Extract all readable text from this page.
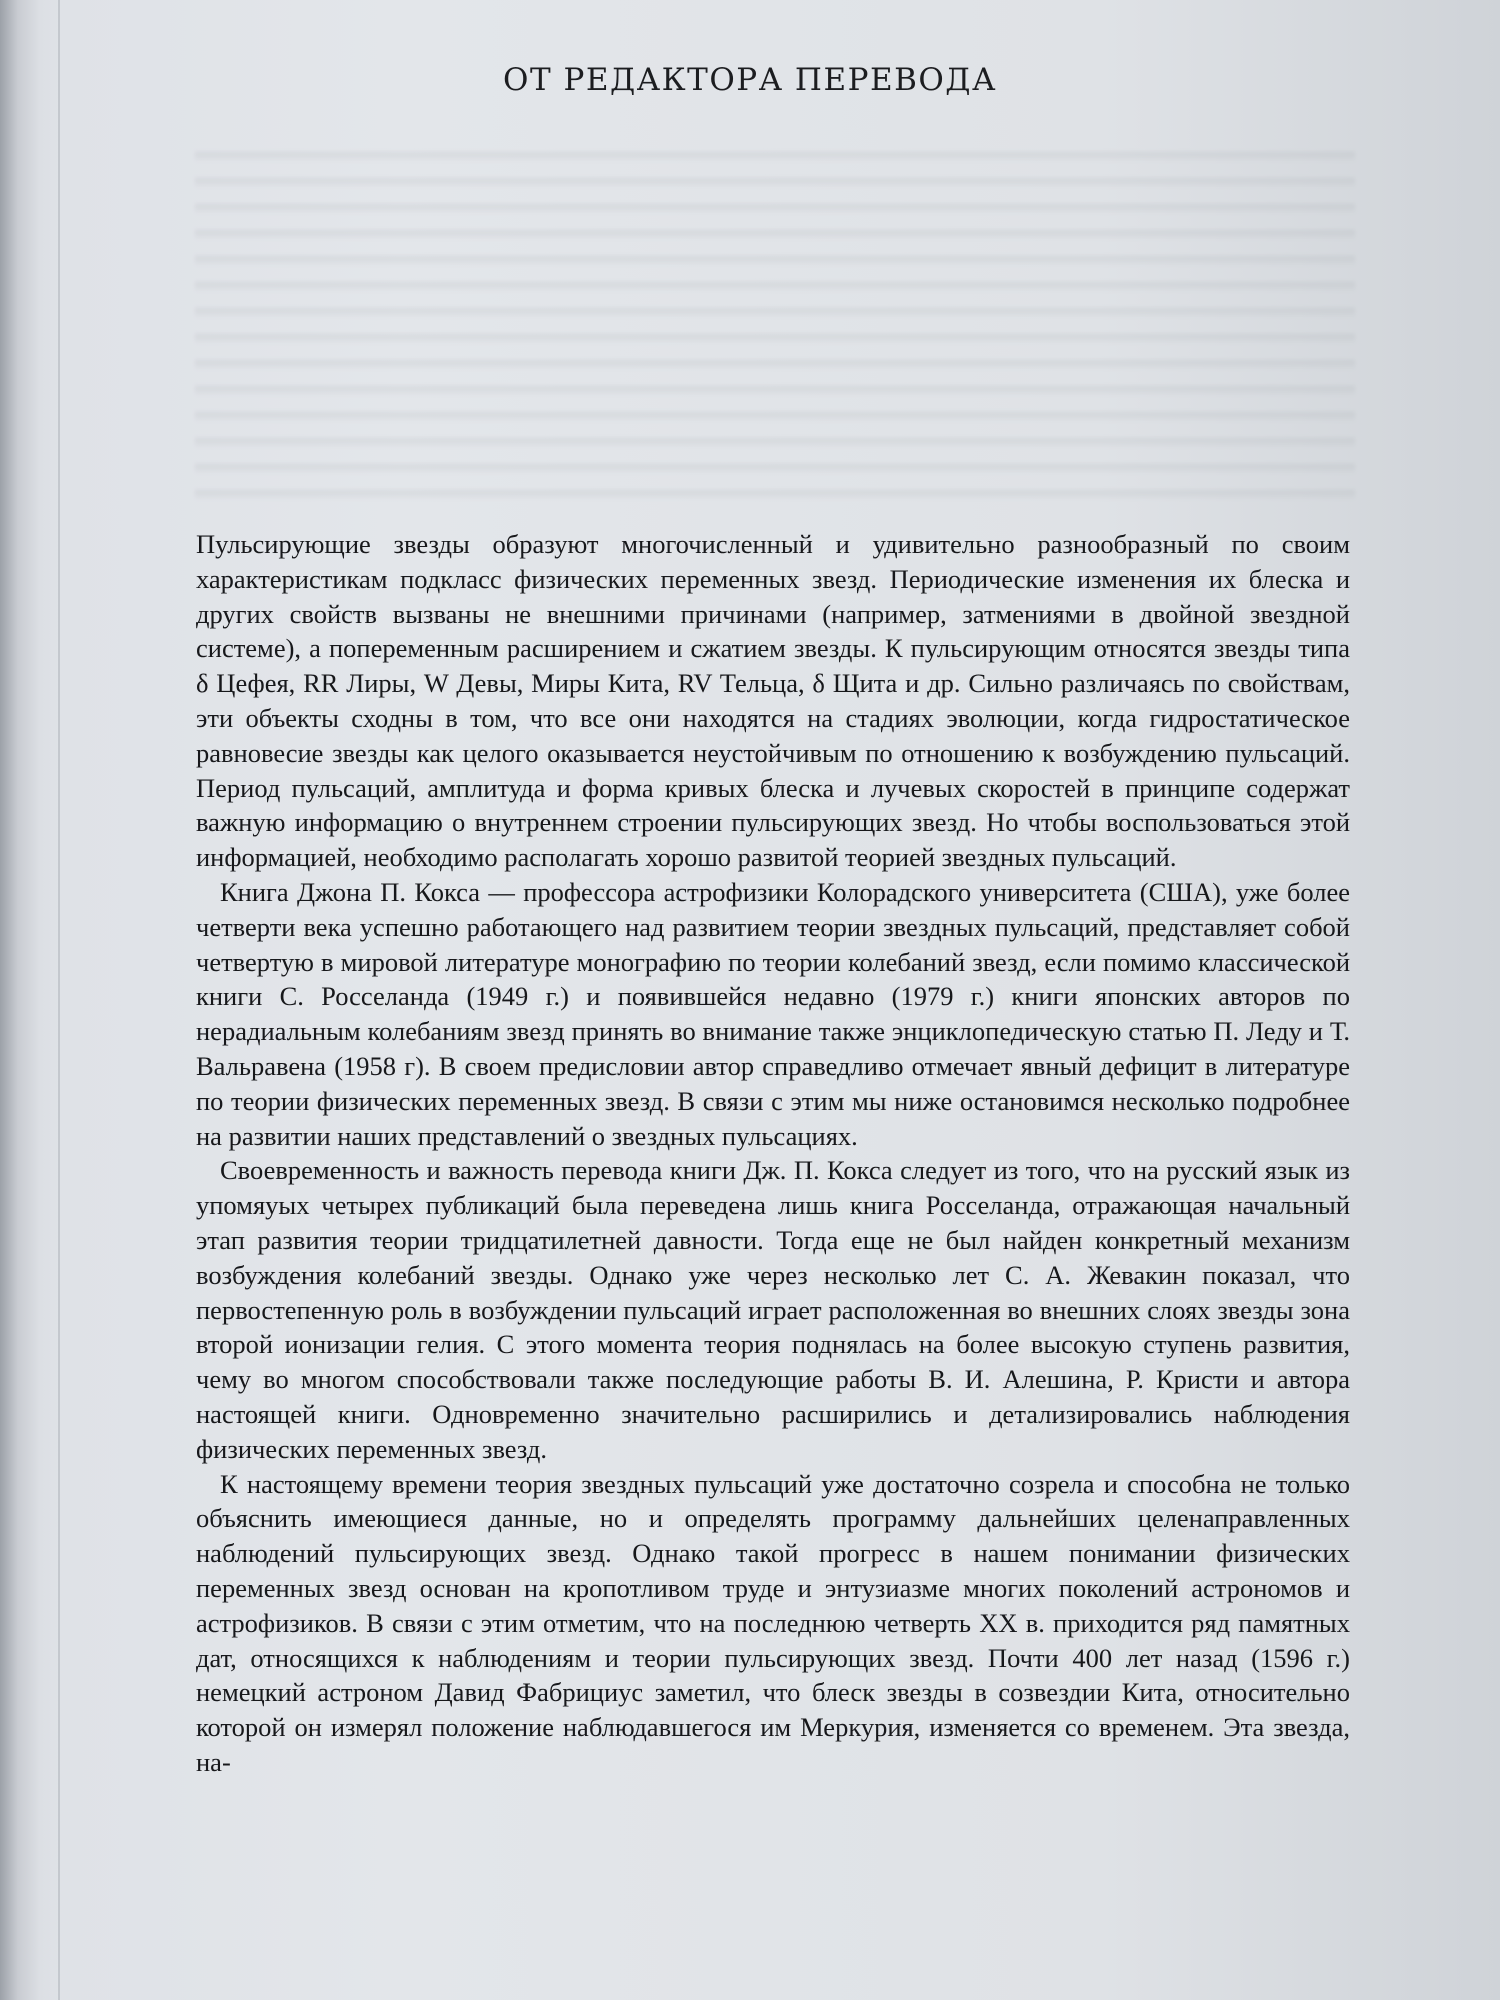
ОТ РЕДАКТОРА ПЕРЕВОДА

Пульсирующие звезды образуют многочисленный и удивительно разнообразный по своим характеристикам подкласс физических переменных звезд. Периодические изменения их блеска и других свойств вызваны не внешними причинами (например, затмениями в двойной звездной системе), а попеременным расширением и сжатием звезды. К пульсирующим относятся звезды типа δ Цефея, RR Лиры, W Девы, Миры Кита, RV Тельца, δ Щита и др. Сильно различаясь по свойствам, эти объекты сходны в том, что все они находятся на стадиях эволюции, когда гидростатическое равновесие звезды как целого оказывается неустойчивым по отношению к возбуждению пульсаций. Период пульсаций, амплитуда и форма кривых блеска и лучевых скоростей в принципе содержат важную информацию о внутреннем строении пульсирующих звезд. Но чтобы воспользоваться этой информацией, необходимо располагать хорошо развитой теорией звездных пульсаций.

Книга Джона П. Кокса — профессора астрофизики Колорадского университета (США), уже более четверти века успешно работающего над развитием теории звездных пульсаций, представляет собой четвертую в мировой литературе монографию по теории колебаний звезд, если помимо классической книги С. Росселанда (1949 г.) и появившейся недавно (1979 г.) книги японских авторов по нерадиальным колебаниям звезд принять во внимание также энциклопедическую статью П. Леду и Т. Вальравена (1958 г). В своем предисловии автор справедливо отмечает явный дефицит в литературе по теории физических переменных звезд. В связи с этим мы ниже остановимся несколько подробнее на развитии наших представлений о звездных пульсациях.

Своевременность и важность перевода книги Дж. П. Кокса следует из того, что на русский язык из упомяуых четырех публикаций была переведена лишь книга Росселанда, отражающая начальный этап развития теории тридцатилетней давности. Тогда еще не был найден конкретный механизм возбуждения колебаний звезды. Однако уже через несколько лет С. А. Жевакин показал, что первостепенную роль в возбуждении пульсаций играет расположенная во внешних слоях звезды зона второй ионизации гелия. С этого момента теория поднялась на более высокую ступень развития, чему во многом способствовали также последующие работы В. И. Алешина, Р. Кристи и автора настоящей книги. Одновременно значительно расширились и детализировались наблюдения физических переменных звезд.

К настоящему времени теория звездных пульсаций уже достаточно созрела и способна не только объяснить имеющиеся данные, но и определять программу дальнейших целенаправленных наблюдений пульсирующих звезд. Однако такой прогресс в нашем понимании физических переменных звезд основан на кропотливом труде и энтузиазме многих поколений астрономов и астрофизиков. В связи с этим отметим, что на последнюю четверть XX в. приходится ряд памятных дат, относящихся к наблюдениям и теории пульсирующих звезд. Почти 400 лет назад (1596 г.) немецкий астроном Давид Фабрициус заметил, что блеск звезды в созвездии Кита, относительно которой он измерял положение наблюдавшегося им Меркурия, изменяется со временем. Эта звезда, на-
